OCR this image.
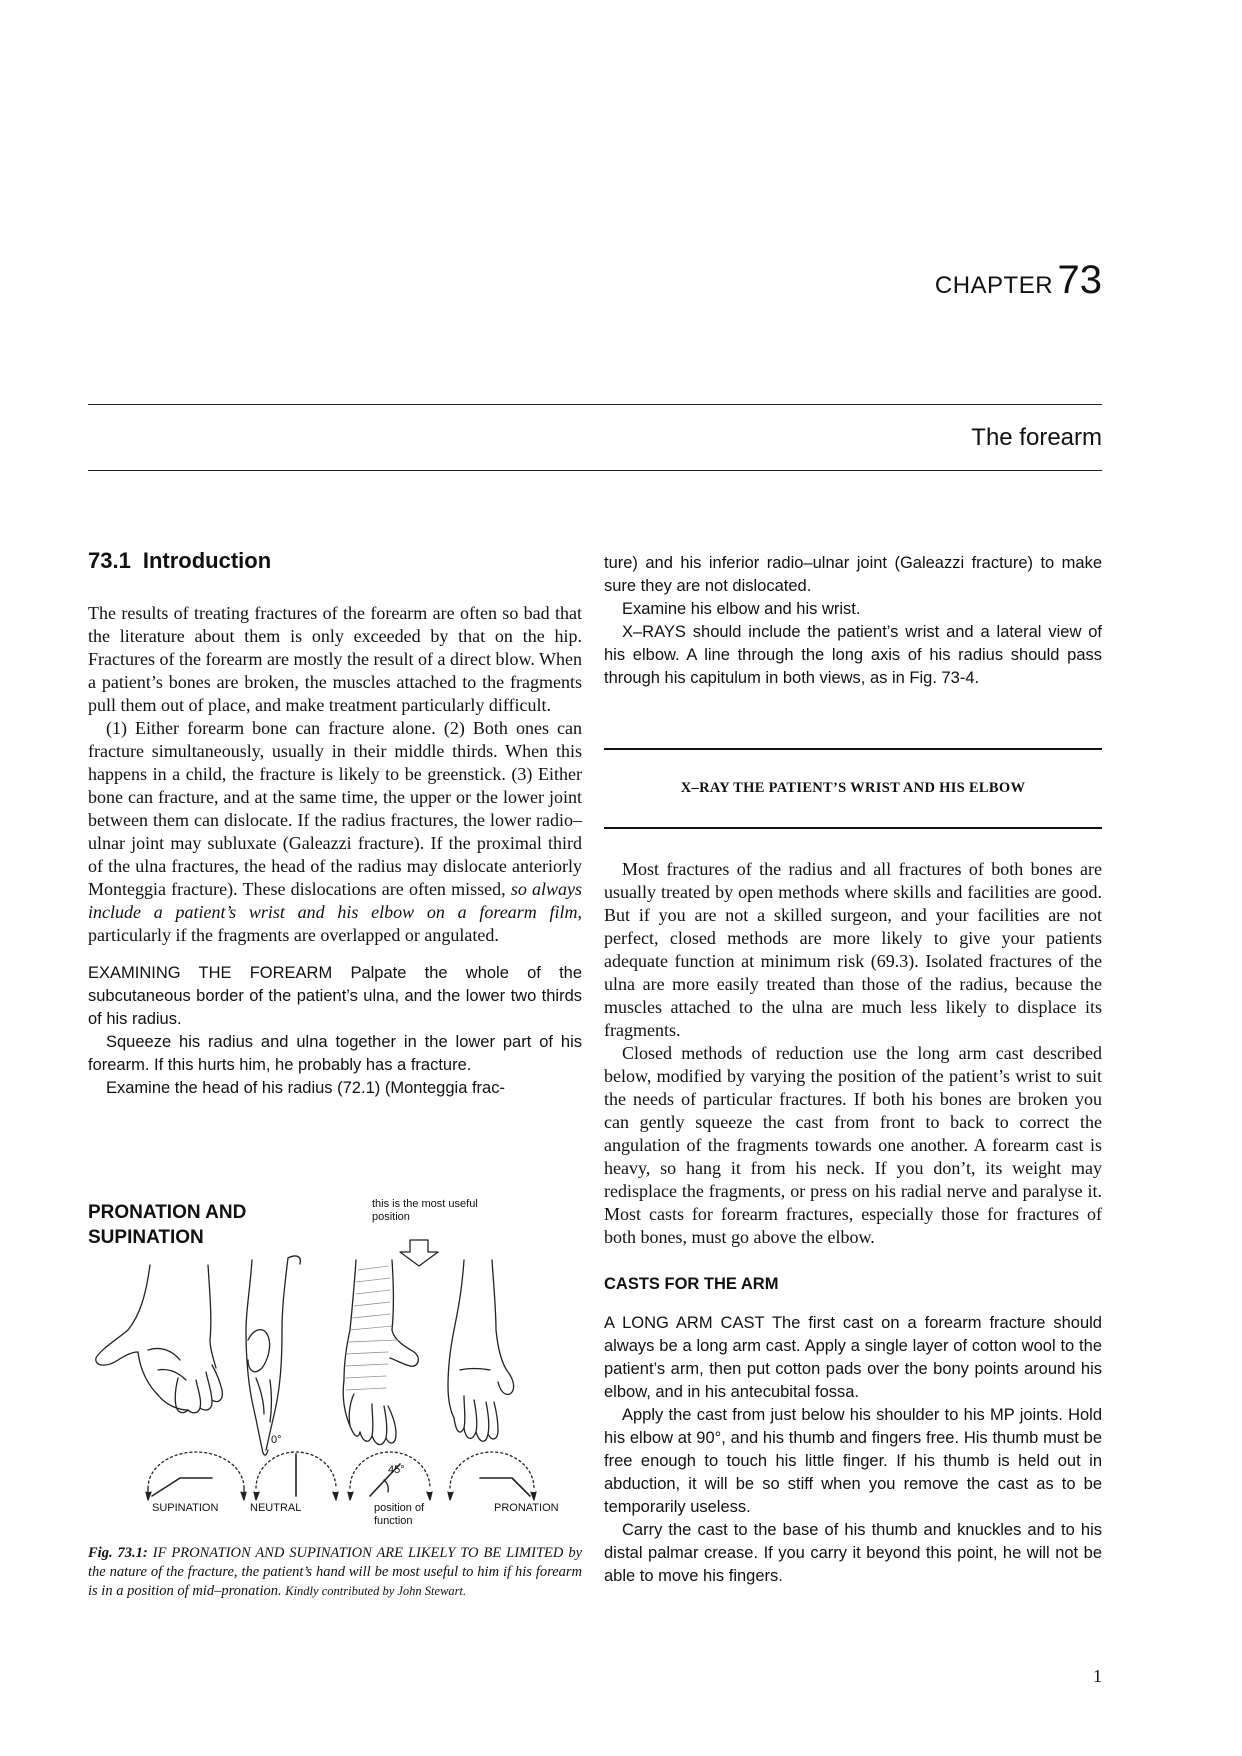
CHAPTER 73
The forearm
73.1 Introduction

The results of treating fractures of the forearm are often so bad that the literature about them is only exceeded by that on the hip. Fractures of the forearm are mostly the result of a direct blow. When a patient’s bones are broken, the muscles attached to the fragments pull them out of place, and make treatment particularly difficult.

(1) Either forearm bone can fracture alone. (2) Both ones can fracture simultaneously, usually in their middle thirds. When this happens in a child, the fracture is likely to be greenstick. (3) Either bone can fracture, and at the same time, the upper or the lower joint between them can dislocate. If the radius fractures, the lower radio–ulnar joint may subluxate (Galeazzi fracture). If the proximal third of the ulna fractures, the head of the radius may dislocate anteriorly Monteggia fracture). These dislocations are often missed, so always include a patient’s wrist and his elbow on a forearm film, particularly if the fragments are overlapped or angulated.

EXAMINING THE FOREARM Palpate the whole of the subcutaneous border of the patient’s ulna, and the lower two thirds of his radius.

Squeeze his radius and ulna together in the lower part of his forearm. If this hurts him, he probably has a fracture.

Examine the head of his radius (72.1) (Monteggia frac-

PRONATION AND SUPINATION
this is the most useful position
0°
45°
SUPINATION	NEUTRAL	position of function
PRONATION
Fig. 73.1: IF PRONATION AND SUPINATION ARE LIKELY TO BE LIMITED by the nature of the fracture, the patient’s hand will be most useful to him if his forearm is in a position of mid–pronation. Kindly contributed by John Stewart.

ture) and his inferior radio–ulnar joint (Galeazzi fracture) to make sure they are not dislocated.

Examine his elbow and his wrist.

X–RAYS should include the patient’s wrist and a lateral view of his elbow. A line through the long axis of his radius should pass through his capitulum in both views, as in Fig. 73-4.

X–RAY THE PATIENT’S WRIST AND HIS ELBOW

Most fractures of the radius and all fractures of both bones are usually treated by open methods where skills and facilities are good. But if you are not a skilled surgeon, and your facilities are not perfect, closed methods are more likely to give your patients adequate function at minimum risk (69.3). Isolated fractures of the ulna are more easily treated than those of the radius, because the muscles attached to the ulna are much less likely to displace its fragments.

Closed methods of reduction use the long arm cast described below, modified by varying the position of the patient’s wrist to suit the needs of particular fractures. If both his bones are broken you can gently squeeze the cast from front to back to correct the angulation of the fragments towards one another. A forearm cast is heavy, so hang it from his neck. If you don’t, its weight may redisplace the fragments, or press on his radial nerve and paralyse it. Most casts for forearm fractures, especially those for fractures of both bones, must go above the elbow.

CASTS FOR THE ARM

A LONG ARM CAST The first cast on a forearm fracture should always be a long arm cast. Apply a single layer of cotton wool to the patient’s arm, then put cotton pads over the bony points around his elbow, and in his antecubital fossa.

Apply the cast from just below his shoulder to his MP joints. Hold his elbow at 90°, and his thumb and fingers free. His thumb must be free enough to touch his little finger. If his thumb is held out in abduction, it will be so stiff when you remove the cast as to be temporarily useless.

Carry the cast to the base of his thumb and knuckles and to his distal palmar crease. If you carry it beyond this point, he will not be able to move his fingers.

1
